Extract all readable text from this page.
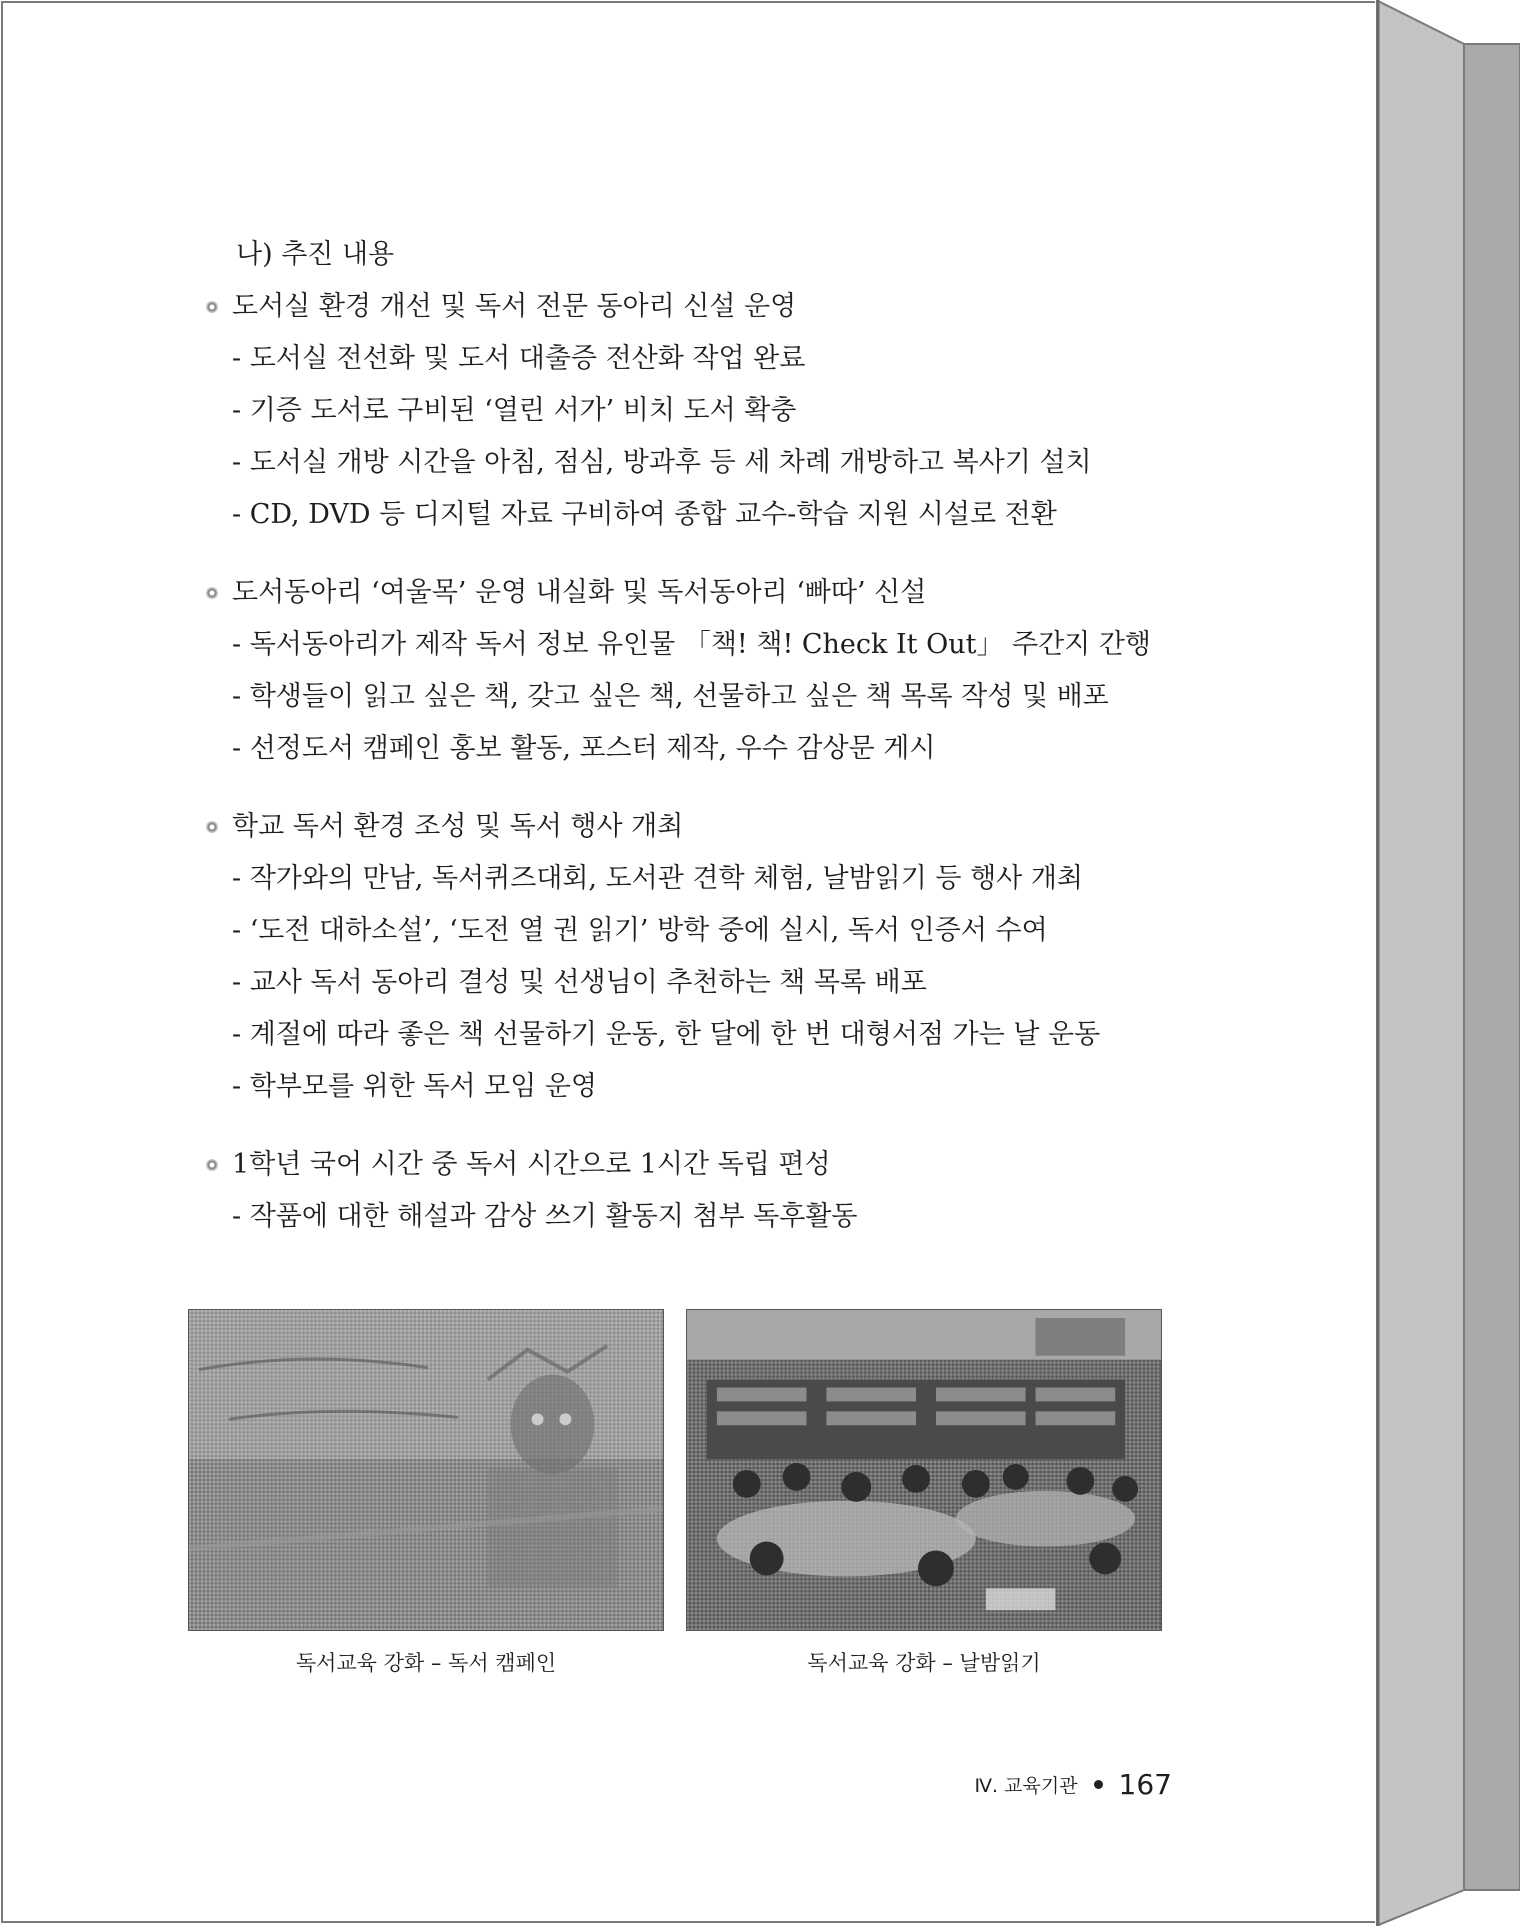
나) 추진 내용
도서실 환경 개선 및 독서 전문 동아리 신설 운영
- 도서실 전선화 및 도서 대출증 전산화 작업 완료
- 기증 도서로 구비된 ‘열린 서가’ 비치 도서 확충
- 도서실 개방 시간을 아침, 점심, 방과후 등 세 차례 개방하고 복사기 설치
- CD, DVD 등 디지털 자료 구비하여 종합 교수-학습 지원 시설로 전환
도서동아리 ‘여울목’ 운영 내실화 및 독서동아리 ‘빠따’ 신설
- 독서동아리가 제작 독서 정보 유인물 「책! 책! Check It Out」 주간지 간행
- 학생들이 읽고 싶은 책, 갖고 싶은 책, 선물하고 싶은 책 목록 작성 및 배포
- 선정도서 캠페인 홍보 활동, 포스터 제작, 우수 감상문 게시
학교 독서 환경 조성 및 독서 행사 개최
- 작가와의 만남, 독서퀴즈대회, 도서관 견학 체험, 날밤읽기 등 행사 개최
- ‘도전 대하소설’, ‘도전 열 권 읽기’ 방학 중에 실시, 독서 인증서 수여
- 교사 독서 동아리 결성 및 선생님이 추천하는 책 목록 배포
- 계절에 따라 좋은 책 선물하기 운동, 한 달에 한 번 대형서점 가는 날 운동
- 학부모를 위한 독서 모임 운영
1학년 국어 시간 중 독서 시간으로 1시간 독립 편성
- 작품에 대한 해설과 감상 쓰기 활동지 첨부 독후활동
독서교육 강화 – 독서 캠페인	독서교육 강화 – 날밤읽기
Ⅳ. 교육기관 167
